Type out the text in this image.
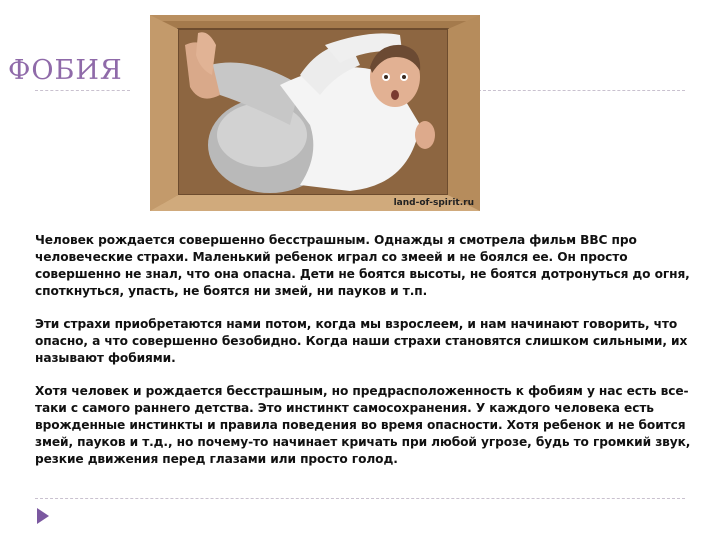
ФОБИЯ
land-of-spirit.ru

Человек рождается совершенно бесстрашным. Однажды я смотрела фильм BBC про человеческие страхи. Маленький ребенок играл со змеей и не боялся ее. Он просто совершенно не знал, что она опасна. Дети не боятся высоты, не боятся дотронуться до огня, споткнуться, упасть, не боятся ни змей, ни пауков и т.п.

Эти страхи приобретаются нами потом, когда мы взрослеем, и нам начинают говорить, что опасно, а что совершенно безобидно. Когда наши страхи становятся слишком сильными, их называют фобиями.

Хотя человек и рождается бесстрашным, но предрасположенность к фобиям у нас есть все-таки с самого раннего детства. Это инстинкт самосохранения. У каждого человека есть врожденные инстинкты и правила поведения во время опасности. Хотя ребенок и не боится змей, пауков и т.д., но почему-то начинает кричать при любой угрозе, будь то громкий звук, резкие движения перед глазами или просто голод.
